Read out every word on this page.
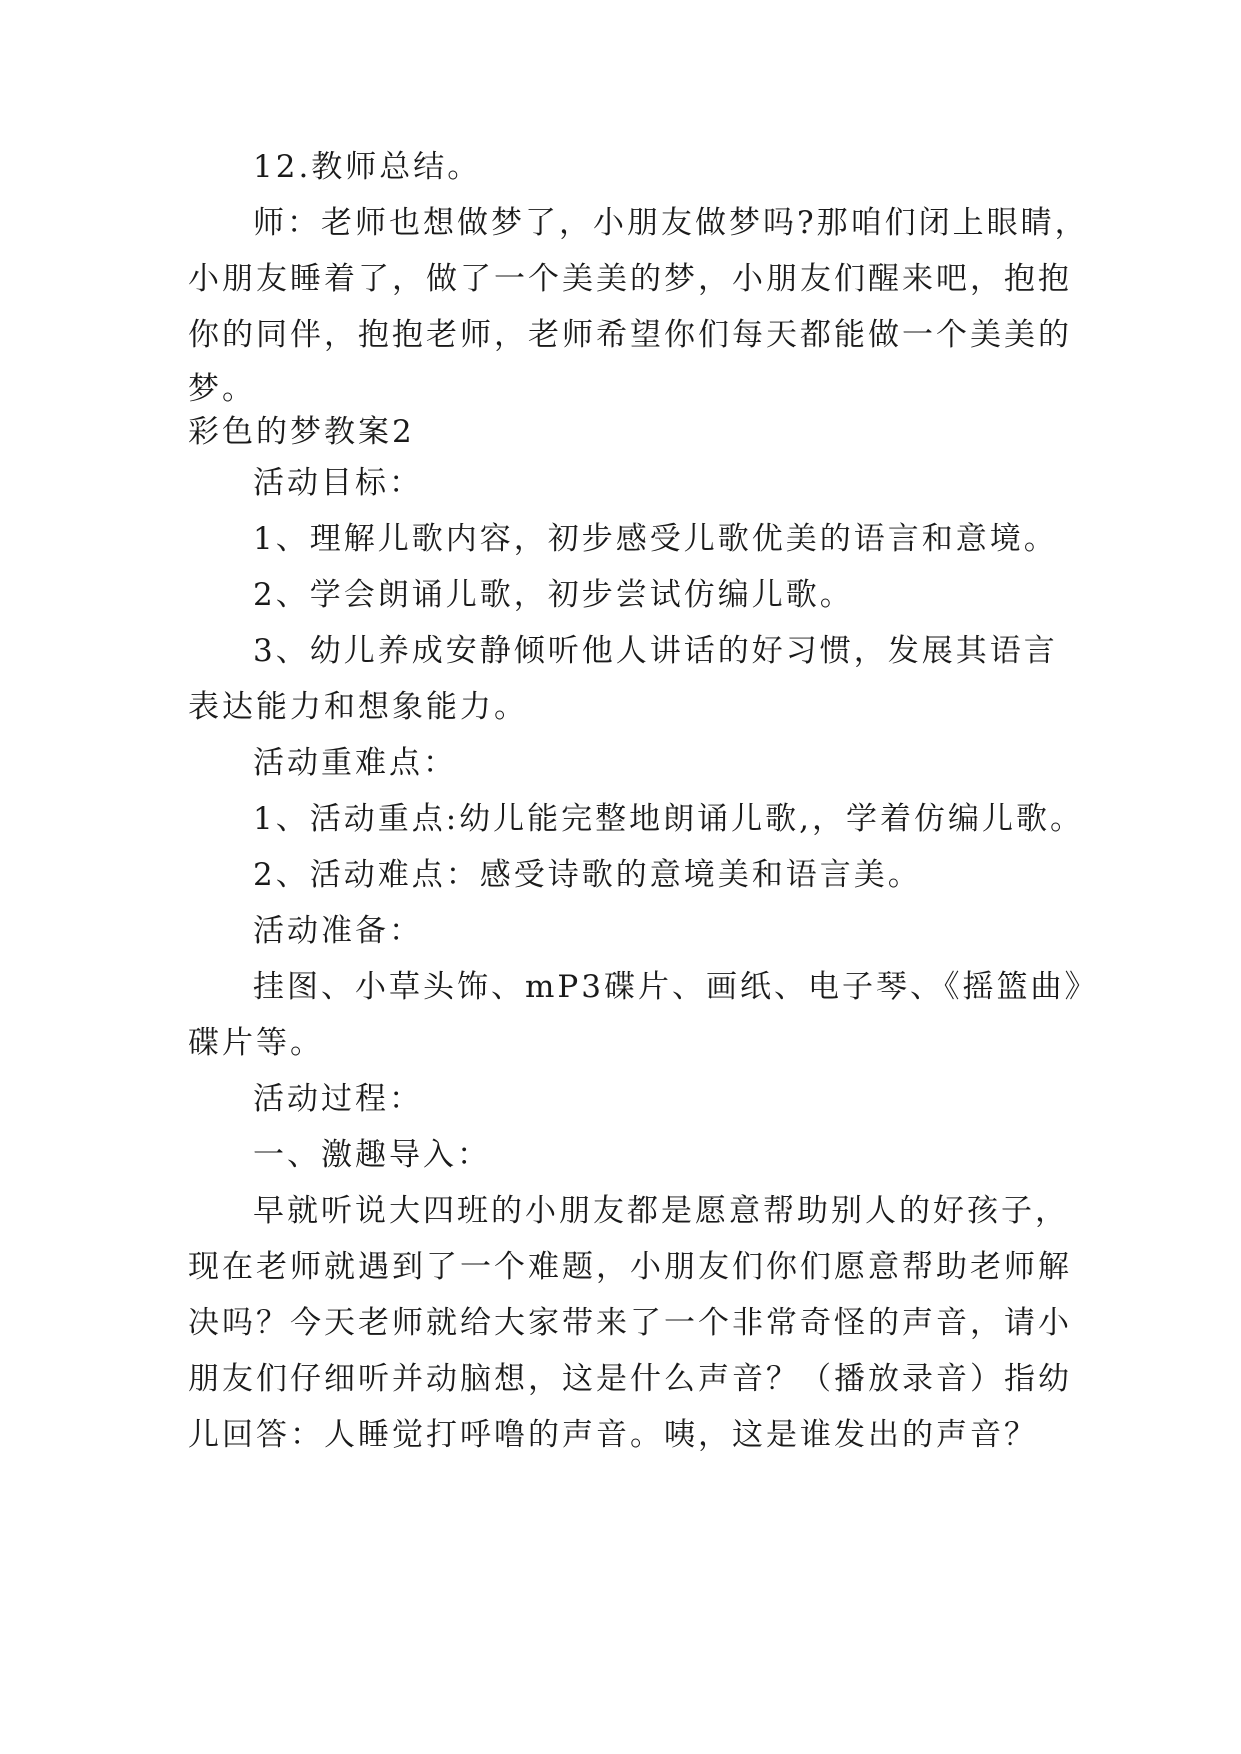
12.教师总结。
师：老师也想做梦了，小朋友做梦吗?那咱们闭上眼睛，
小朋友睡着了，做了一个美美的梦，小朋友们醒来吧，抱抱
你的同伴，抱抱老师，老师希望你们每天都能做一个美美的
梦。
彩色的梦教案2
活动目标：
1、理解儿歌内容，初步感受儿歌优美的语言和意境。
2、学会朗诵儿歌，初步尝试仿编儿歌。
3、幼儿养成安静倾听他人讲话的好习惯，发展其语言
表达能力和想象能力。
活动重难点：
1、活动重点:幼儿能完整地朗诵儿歌,，学着仿编儿歌。
2、活动难点：感受诗歌的意境美和语言美。
活动准备：
挂图、小草头饰、mP3碟片、画纸、电子琴、《摇篮曲》
碟片等。
活动过程：
一、激趣导入：
早就听说大四班的小朋友都是愿意帮助别人的好孩子，
现在老师就遇到了一个难题，小朋友们你们愿意帮助老师解
决吗？今天老师就给大家带来了一个非常奇怪的声音，请小
朋友们仔细听并动脑想，这是什么声音？（播放录音）指幼
儿回答：人睡觉打呼噜的声音。咦，这是谁发出的声音？
